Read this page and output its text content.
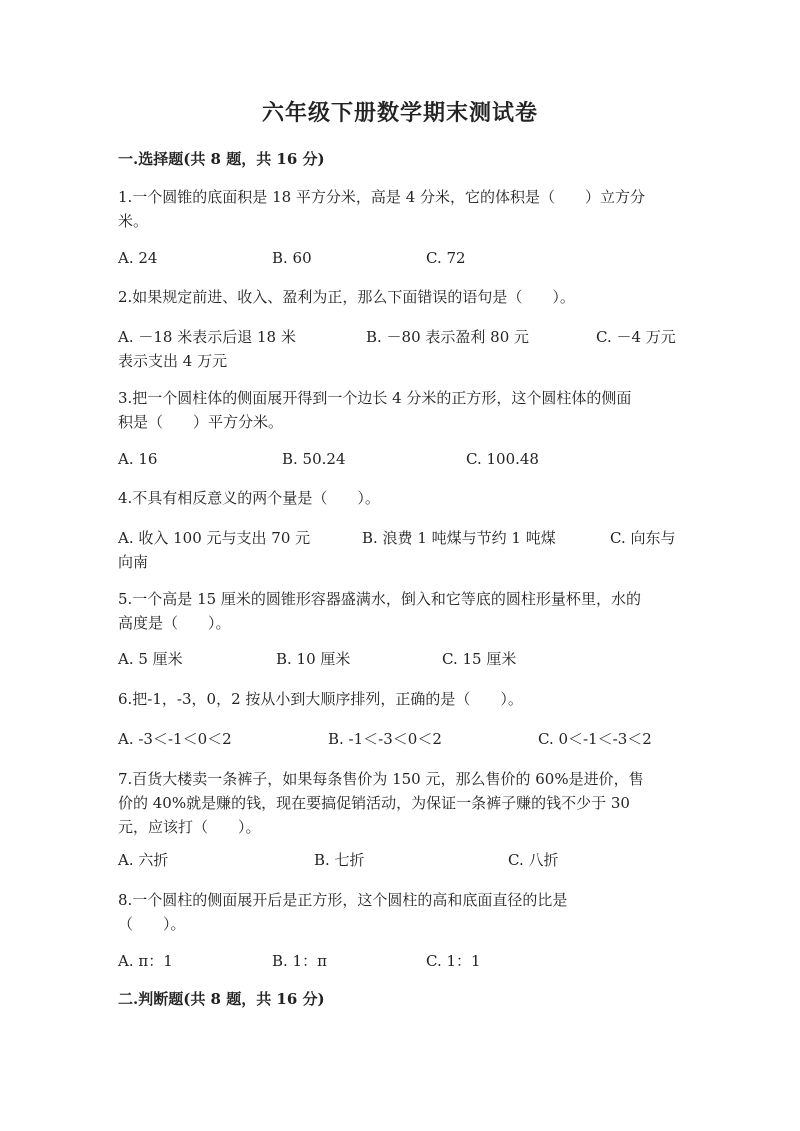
六年级下册数学期末测试卷
一.选择题(共 8 题，共 16 分)
1.一个圆锥的底面积是 18 平方分米，高是 4 分米，它的体积是（　　）立方分
米。
A. 24	B. 60	C. 72
2.如果规定前进、收入、盈利为正，那么下面错误的语句是（　　）。
A. －18 米表示后退 18 米	B. －80 表示盈利 80 元	C. －4 万元
表示支出 4 万元
3.把一个圆柱体的侧面展开得到一个边长 4 分米的正方形，这个圆柱体的侧面
积是（　　）平方分米。
A. 16	B. 50.24	C. 100.48
4.不具有相反意义的两个量是（　　）。
A. 收入 100 元与支出 70 元	B. 浪费 1 吨煤与节约 1 吨煤	C. 向东与
向南
5.一个高是 15 厘米的圆锥形容器盛满水，倒入和它等底的圆柱形量杯里，水的
高度是（　　）。
A. 5 厘米	B. 10 厘米	C. 15 厘米
6.把-1，-3，0，2 按从小到大顺序排列，正确的是（　　）。
A. -3＜-1＜0＜2	B. -1＜-3＜0＜2	C. 0＜-1＜-3＜2
7.百货大楼卖一条裤子，如果每条售价为 150 元，那么售价的 60%是进价，售
价的 40%就是赚的钱，现在要搞促销活动，为保证一条裤子赚的钱不少于 30
元，应该打（　　）。
A. 六折	B. 七折	C. 八折
8.一个圆柱的侧面展开后是正方形，这个圆柱的高和底面直径的比是
（　　）。
A. π：1	B. 1：π	C. 1：1
二.判断题(共 8 题，共 16 分)
